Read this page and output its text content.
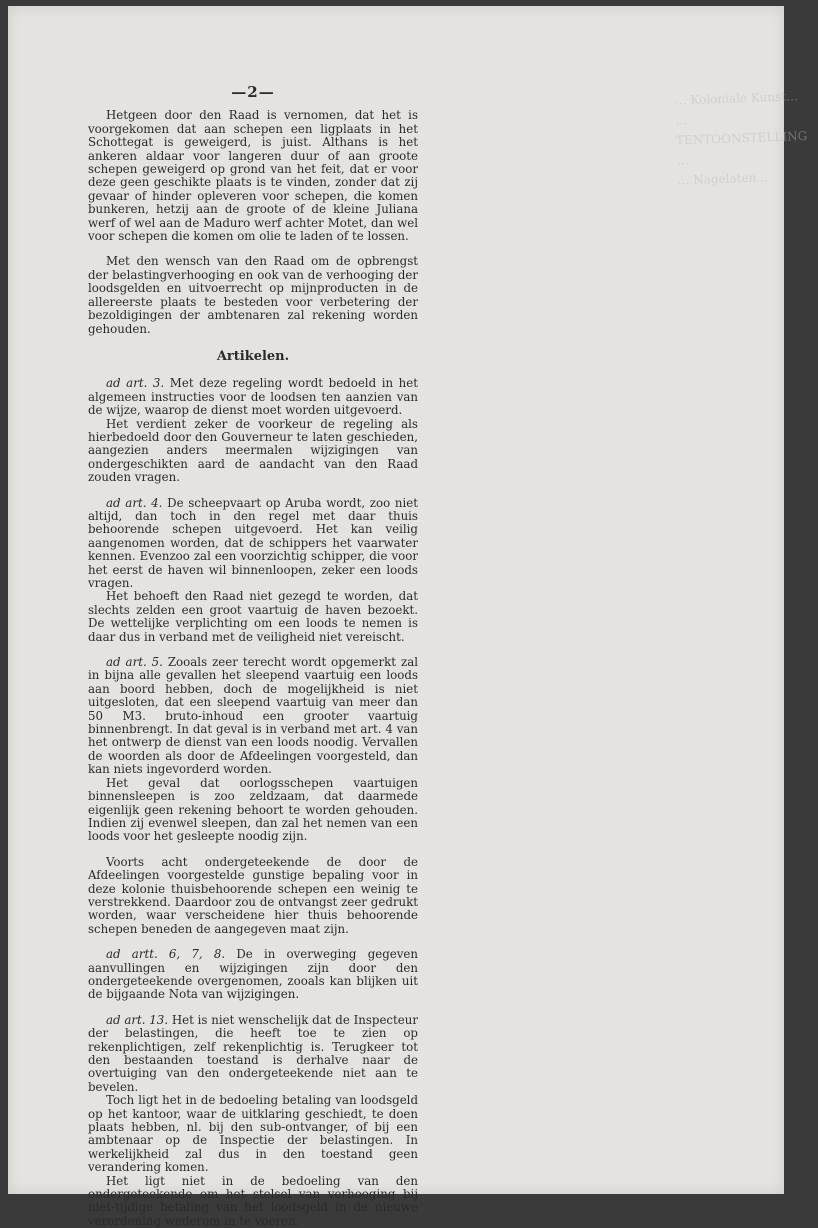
… Koloniale Kunst…
… TENTOONSTELLING …
… Nagelaten…
—2—

Hetgeen door den Raad is vernomen, dat het is voorgekomen dat aan schepen een ligplaats in het Schottegat is geweigerd, is juist. Althans is het ankeren aldaar voor langeren duur of aan groote schepen geweigerd op grond van het feit, dat er voor deze geen geschikte plaats is te vinden, zonder dat zij gevaar of hinder opleveren voor schepen, die komen bunkeren, hetzij aan de groote of de kleine Juliana werf of wel aan de Maduro werf achter Motet, dan wel voor schepen die komen om olie te laden of te lossen.

Met den wensch van den Raad om de opbrengst der belastingverhooging en ook van de verhooging der loodsgelden en uitvoerrecht op mijnproducten in de allereerste plaats te besteden voor verbetering der bezoldigingen der ambtenaren zal rekening worden gehouden.

Artikelen.

ad art. 3. Met deze regeling wordt bedoeld in het algemeen instructies voor de loodsen ten aanzien van de wijze, waarop de dienst moet worden uitgevoerd.

Het verdient zeker de voorkeur de regeling als hierbedoeld door den Gouverneur te laten geschieden, aangezien anders meermalen wijzigingen van ondergeschikten aard de aandacht van den Raad zouden vragen.

ad art. 4. De scheepvaart op Aruba wordt, zoo niet altijd, dan toch in den regel met daar thuis behoorende schepen uitgevoerd. Het kan veilig aangenomen worden, dat de schippers het vaarwater kennen. Evenzoo zal een voorzichtig schipper, die voor het eerst de haven wil binnenloopen, zeker een loods vragen.

Het behoeft den Raad niet gezegd te worden, dat slechts zelden een groot vaartuig de haven bezoekt. De wettelijke verplichting om een loods te nemen is daar dus in verband met de veiligheid niet vereischt.

ad art. 5. Zooals zeer terecht wordt opgemerkt zal in bijna alle gevallen het sleepend vaartuig een loods aan boord hebben, doch de mogelijkheid is niet uitgesloten, dat een sleepend vaartuig van meer dan 50 M3. bruto-inhoud een grooter vaartuig binnenbrengt. In dat geval is in verband met art. 4 van het ontwerp de dienst van een loods noodig. Vervallen de woorden als door de Afdeelingen voorgesteld, dan kan niets ingevorderd worden.

Het geval dat oorlogsschepen vaartuigen binnensleepen is zoo zeldzaam, dat daarmede eigenlijk geen rekening behoort te worden gehouden. Indien zij evenwel sleepen, dan zal het nemen van een loods voor het gesleepte noodig zijn.

Voorts acht ondergeteekende de door de Afdeelingen voorgestelde gunstige bepaling voor in deze kolonie thuisbehoorende schepen een weinig te verstrekkend. Daardoor zou de ontvangst zeer gedrukt worden, waar verscheidene hier thuis behoorende schepen beneden de aangegeven maat zijn.

ad artt. 6, 7, 8. De in overweging gegeven aanvullingen en wijzigingen zijn door den ondergeteekende overgenomen, zooals kan blijken uit de bijgaande Nota van wijzigingen.

ad art. 13. Het is niet wenschelijk dat de Inspecteur der belastingen, die heeft toe te zien op rekenplichtigen, zelf rekenplichtig is. Terugkeer tot den bestaanden toestand is derhalve naar de overtuiging van den ondergeteekende niet aan te bevelen.

Toch ligt het in de bedoeling betaling van loodsgeld op het kantoor, waar de uitklaring geschiedt, te doen plaats hebben, nl. bij den sub-ontvanger, of bij een ambtenaar op de Inspectie der belastingen. In werkelijkheid zal dus in den toestand geen verandering komen.

Het ligt niet in de bedoeling van den ondergeteekende om het stelsel van verhooging bij niet-tijdige betaling van het loodsgeld in de nieuwe verordening wederom in te voeren.
